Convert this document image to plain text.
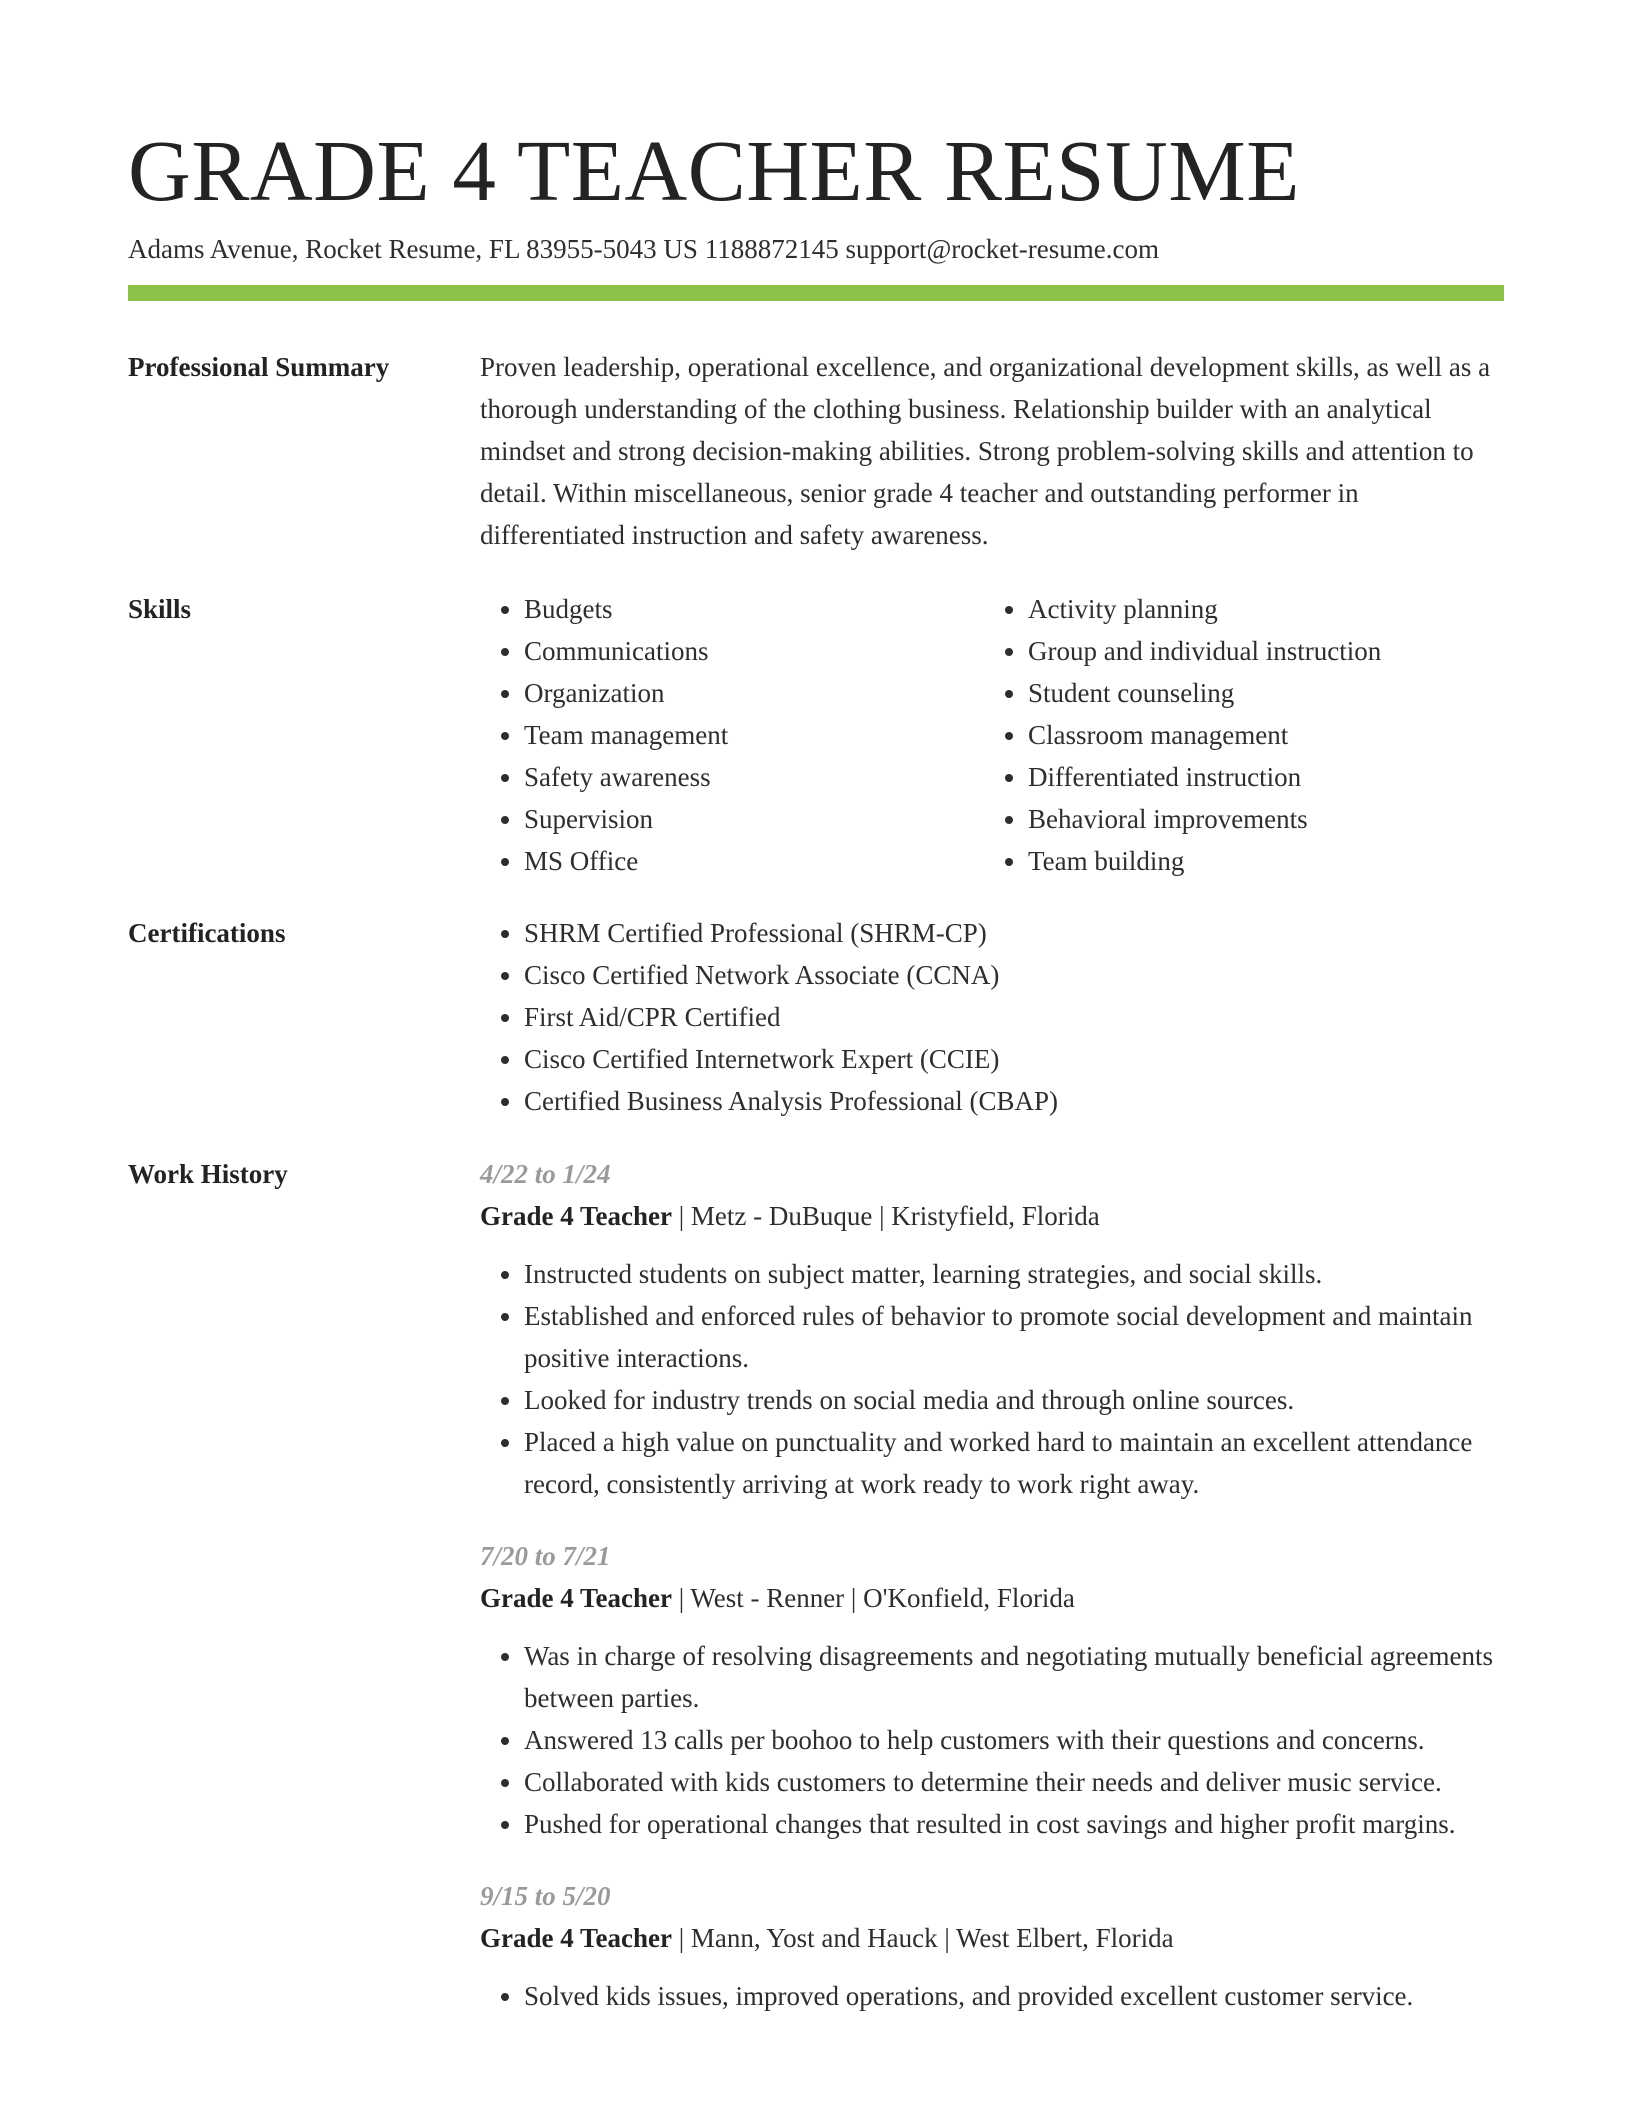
GRADE 4 TEACHER RESUME
Adams Avenue, Rocket Resume, FL 83955-5043 US 1188872145 support@rocket-resume.com
Professional Summary	Proven leadership, operational excellence, and organizational development skills, as well as a thorough understanding of the clothing business. Relationship builder with an analytical mindset and strong decision-making abilities. Strong problem-solving skills and attention to detail. Within miscellaneous, senior grade 4 teacher and outstanding performer in differentiated instruction and safety awareness.

Skills	• Budgets
• Communications
• Organization
• Team management
• Safety awareness
• Supervision
• MS Office
• Activity planning
• Group and individual instruction
• Student counseling
• Classroom management
• Differentiated instruction
• Behavioral improvements
• Team building
Certifications	• SHRM Certified Professional (SHRM-CP)
• Cisco Certified Network Associate (CCNA)
• First Aid/CPR Certified
• Cisco Certified Internetwork Expert (CCIE)
• Certified Business Analysis Professional (CBAP)
Work History	4/22 to 1/24
Grade 4 Teacher | Metz - DuBuque | Kristyfield, Florida
• Instructed students on subject matter, learning strategies, and social skills.
• Established and enforced rules of behavior to promote social development and maintain positive interactions.
• Looked for industry trends on social media and through online sources.
• Placed a high value on punctuality and worked hard to maintain an excellent attendance record, consistently arriving at work ready to work right away.
7/20 to 7/21
Grade 4 Teacher | West - Renner | O'Konfield, Florida
• Was in charge of resolving disagreements and negotiating mutually beneficial agreements between parties.
• Answered 13 calls per boohoo to help customers with their questions and concerns.
• Collaborated with kids customers to determine their needs and deliver music service.
• Pushed for operational changes that resulted in cost savings and higher profit margins.
9/15 to 5/20
Grade 4 Teacher | Mann, Yost and Hauck | West Elbert, Florida
• Solved kids issues, improved operations, and provided excellent customer service.
